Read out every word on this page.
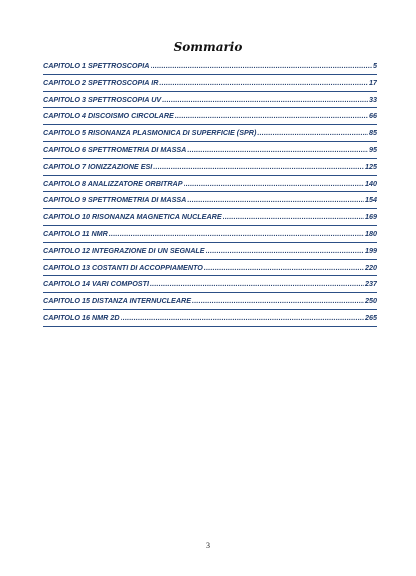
Sommario
CAPITOLO 1 SPETTROSCOPIA .....	5
CAPITOLO 2 SPETTROSCOPIA IR .....	17
CAPITOLO 3 SPETTROSCOPIA UV .....	33
CAPITOLO 4 DISCOISMO CIRCOLARE .....	66
CAPITOLO 5 RISONANZA PLASMONICA DI SUPERFICIE (SPR) .....	85
CAPITOLO 6 SPETTROMETRIA DI MASSA .....	95
CAPITOLO 7 IONIZZAZIONE ESI .....	125
CAPITOLO 8 ANALIZZATORE ORBITRAP .....	140
CAPITOLO 9 SPETTROMETRIA DI MASSA .....	154
CAPITOLO 10 RISONANZA MAGNETICA NUCLEARE .....	169
CAPITOLO 11 NMR .....	180
CAPITOLO 12 INTEGRAZIONE DI UN SEGNALE .....	199
CAPITOLO 13 COSTANTI DI ACCOPPIAMENTO .....	220
CAPITOLO 14 VARI COMPOSTI .....	237
CAPITOLO 15 DISTANZA INTERNUCLEARE .....	250
CAPITOLO 16 NMR 2D .....	265
3
